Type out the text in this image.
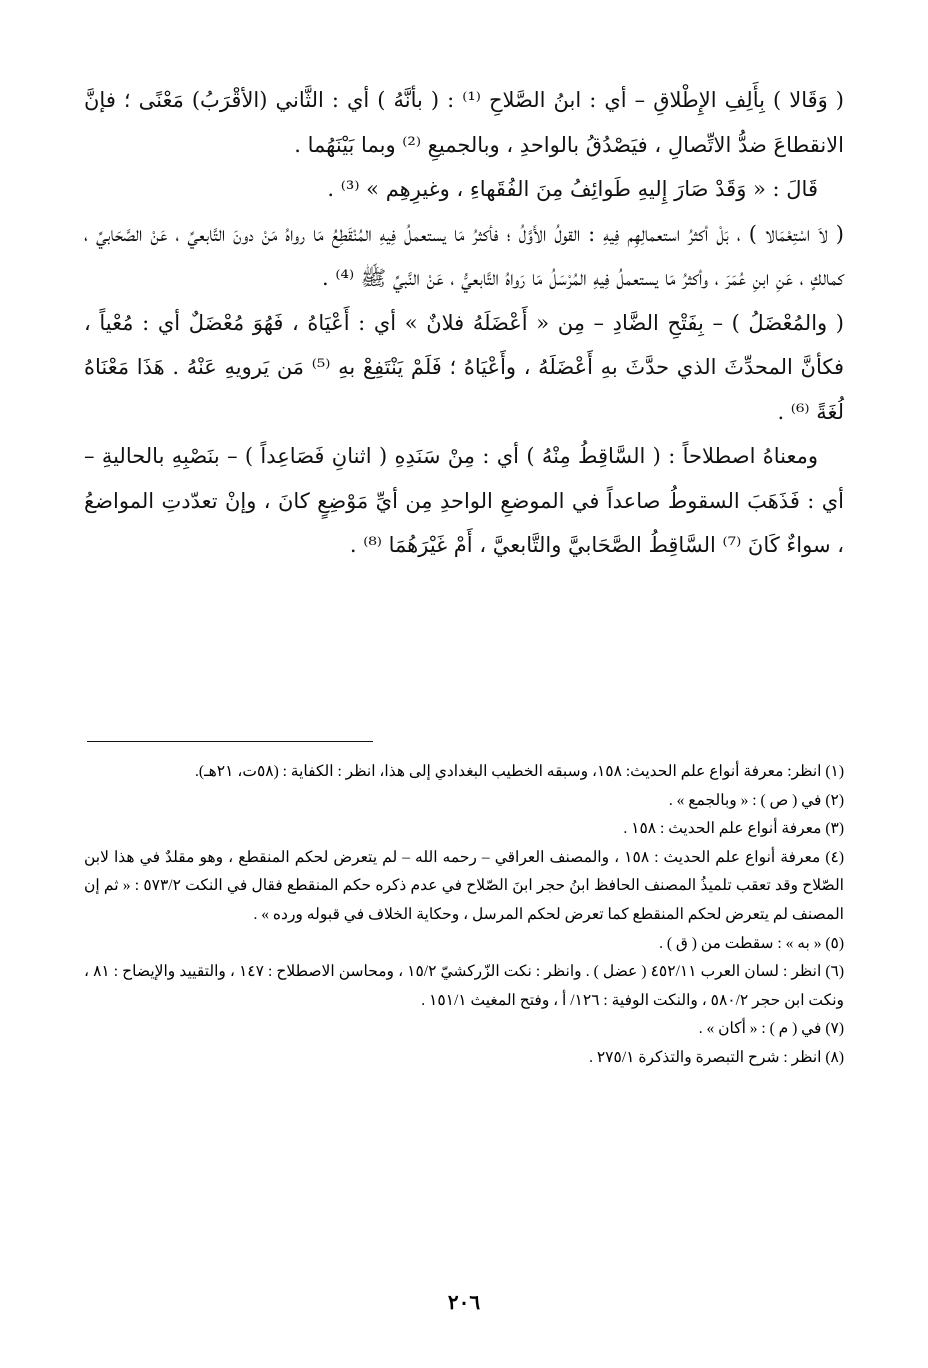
( وَقَالا ) بِأَلِفِ الإِطْلاقِ – أي : ابنُ الصَّلاحِ ⁽¹⁾ : ( بأنَّهُ ) أي : الثَّاني (الأقْرَبُ) مَعْنًى ؛ فإنَّ الانقطاعَ ضدُّ الاتِّصالِ ، فيَصْدُقُ بالواحدِ ، وبالجميعِ ⁽²⁾ وبما بَيْنَهُما .

قَالَ : « وَقَدْ صَارَ إِليهِ طَوائِفُ مِنَ الفُقَهاءِ ، وغيرِهِم » ⁽³⁾ .

( لاَ اسْتِعْمَالا ) ، بَلْ أكثرُ استعمالِهِم فِيهِ : القولُ الأَوَّلُ ؛ فأكثرُ مَا يستعملُ فِيهِ المُنْقَطِعُ مَا رواهُ مَنْ دونَ التَّابعيِّ ، عَنْ الصَّحَابيِّ ، كمالكٍ ، عَنِ ابنِ عُمَرَ ، وأكثرُ مَا يستعملُ فِيهِ المُرْسَلُ مَا رَواهُ التَّابعيُّ ، عَنْ النَّبيِّ ﷺ ⁽⁴⁾ .

( والمُعْضَلُ ) – بِفَتْحِ الضَّادِ – مِن « أَعْضَلَهُ فلانٌ » أي : أَعْيَاهُ ، فَهُوَ مُعْضَلٌ أي : مُعْياً ، فكأنَّ المحدِّثَ الذي حدَّثَ بهِ أَعْضَلَهُ ، وأَعْيَاهُ ؛ فَلَمْ يَنْتَفِعْ بهِ ⁽⁵⁾ مَن يَرويهِ عَنْهُ . هَذَا مَعْنَاهُ لُغَةً ⁽⁶⁾ .

ومعناهُ اصطلاحاً : ( السَّاقِطُ مِنْهُ ) أي : مِنْ سَنَدِهِ ( اثنانِ فَصَاعِداً ) – بنَصْبِهِ بالحاليةِ – أي : فَذَهَبَ السقوطُ صاعداً في الموضعِ الواحدِ مِن أيِّ مَوْضِعٍ كانَ ، وإنْ تعدّدتِ المواضعُ ، سواءٌ كَانَ ⁽⁷⁾ السَّاقِطُ الصَّحَابيَّ والتَّابعيَّ ، أَمْ غَيْرَهُمَا ⁽⁸⁾ .

(١) انظر: معرفة أنواع علم الحديث: ١٥٨، وسبقه الخطيب البغدادي إلى هذا، انظر : الكفاية : (٥٨ت، ٢١هـ).

(٢) في ( ص ) : « وبالجمع » .

(٣) معرفة أنواع علم الحديث : ١٥٨ .

(٤) معرفة أنواع علم الحديث : ١٥٨ ، والمصنف العراقي – رحمه الله – لم يتعرض لحكم المنقطع ، وهو مقلدٌ في هذا لابن الصّلاح وقد تعقب تلميذُ المصنف الحافظ ابنُ حجر ابنَ الصّلاح في عدم ذكره حكم المنقطع فقال في النكت ٥٧٣/٢ : « ثم إن المصنف لم يتعرض لحكم المنقطع كما تعرض لحكم المرسل ، وحكاية الخلاف في قبوله ورده » .

(٥) « به » : سقطت من ( ق ) .

(٦) انظر : لسان العرب ٤٥٢/١١ ( عضل ) . وانظر : نكت الزّركشيّ ١٥/٢ ، ومحاسن الاصطلاح : ١٤٧ ، والتقييد والإيضاح : ٨١ ، ونكت ابن حجر ٥٨٠/٢ ، والنكت الوفية : ١٢٦/ أ ، وفتح المغيث ١٥١/١ .

(٧) في ( م ) : « أكان » .

(٨) انظر : شرح التبصرة والتذكرة ٢٧٥/١ .

٢٠٦
